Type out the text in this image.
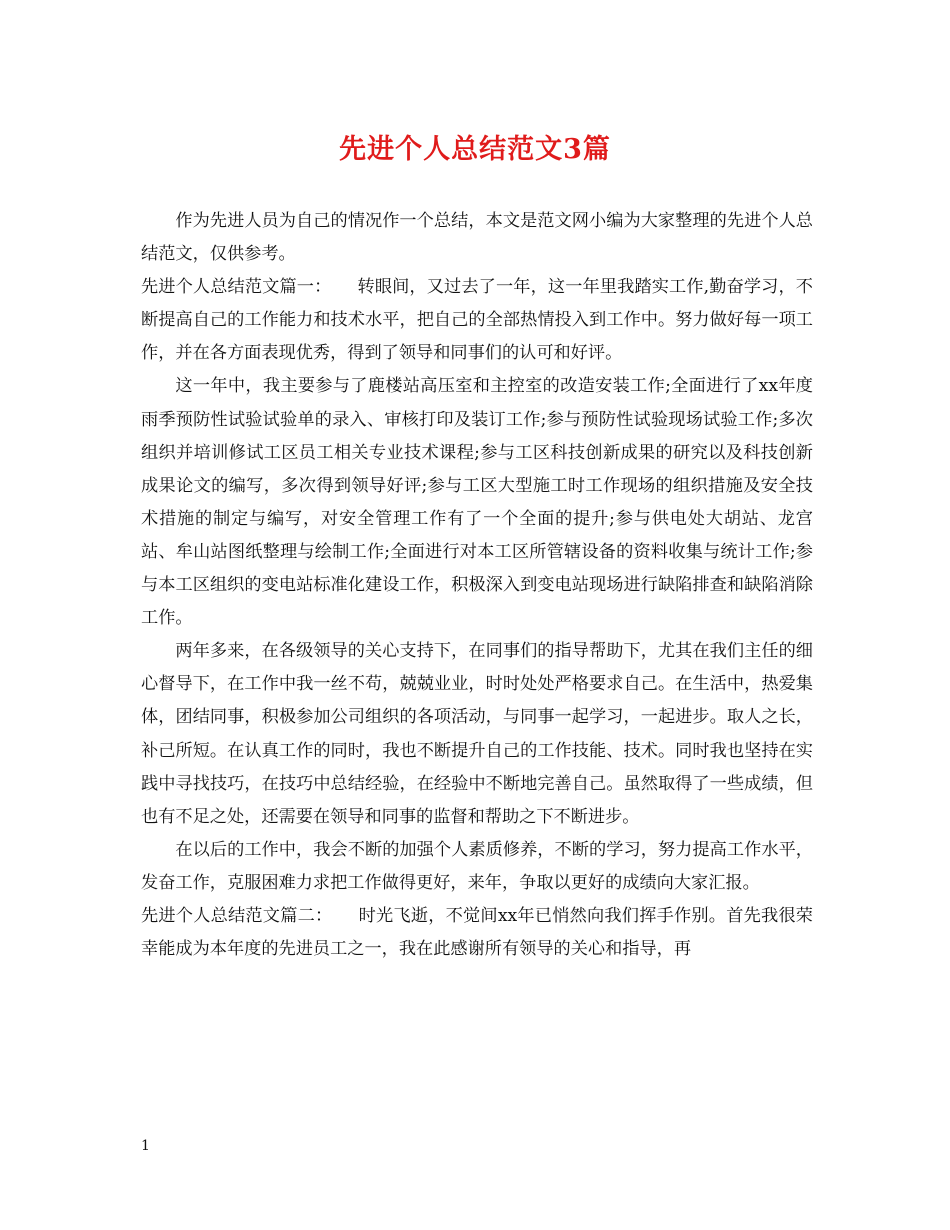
先进个人总结范文3篇

作为先进人员为自己的情况作一个总结，本文是范文网小编为大家整理的先进个人总结范文，仅供参考。

先进个人总结范文篇一： 转眼间，又过去了一年，这一年里我踏实工作,勤奋学习，不断提高自己的工作能力和技术水平，把自己的全部热情投入到工作中。努力做好每一项工作，并在各方面表现优秀，得到了领导和同事们的认可和好评。

这一年中，我主要参与了鹿楼站高压室和主控室的改造安装工作;全面进行了xx年度雨季预防性试验试验单的录入、审核打印及装订工作;参与预防性试验现场试验工作;多次组织并培训修试工区员工相关专业技术课程;参与工区科技创新成果的研究以及科技创新成果论文的编写，多次得到领导好评;参与工区大型施工时工作现场的组织措施及安全技术措施的制定与编写，对安全管理工作有了一个全面的提升;参与供电处大胡站、龙宫站、牟山站图纸整理与绘制工作;全面进行对本工区所管辖设备的资料收集与统计工作;参与本工区组织的变电站标准化建设工作，积极深入到变电站现场进行缺陷排查和缺陷消除工作。

两年多来，在各级领导的关心支持下，在同事们的指导帮助下，尤其在我们主任的细心督导下，在工作中我一丝不苟，兢兢业业，时时处处严格要求自己。在生活中，热爱集体，团结同事，积极参加公司组织的各项活动，与同事一起学习，一起进步。取人之长，补己所短。在认真工作的同时，我也不断提升自己的工作技能、技术。同时我也坚持在实践中寻找技巧，在技巧中总结经验，在经验中不断地完善自己。虽然取得了一些成绩，但也有不足之处，还需要在领导和同事的监督和帮助之下不断进步。

在以后的工作中，我会不断的加强个人素质修养，不断的学习，努力提高工作水平，发奋工作，克服困难力求把工作做得更好，来年，争取以更好的成绩向大家汇报。

先进个人总结范文篇二： 时光飞逝，不觉间xx年已悄然向我们挥手作别。首先我很荣幸能成为本年度的先进员工之一，我在此感谢所有领导的关心和指导，再

1
